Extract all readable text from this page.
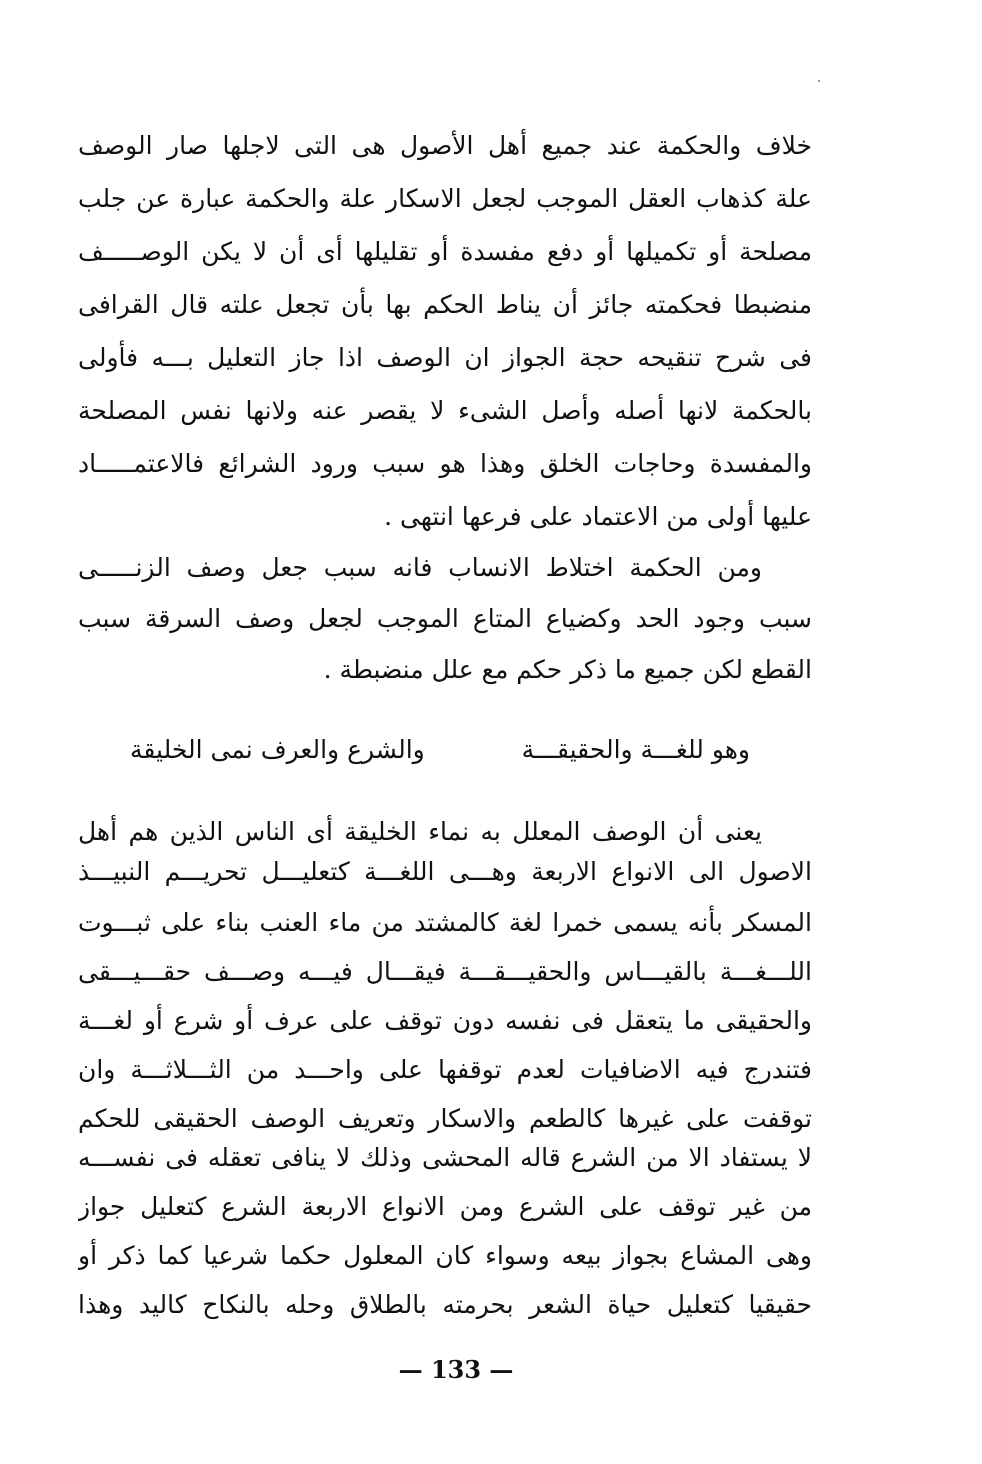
خلاف والحكمة عند جميع أهل الأصول هى التى لاجلها صار الوصف
علة كذهاب العقل الموجب لجعل الاسكار علة والحكمة عبارة عن جلب
مصلحة أو تكميلها أو دفع مفسدة أو تقليلها أى أن لا يكن الوصـــــف
منضبطا فحكمته جائز أن يناط الحكم بها بأن تجعل علته قال القرافى
فى شرح تنقيحه حجة الجواز ان الوصف اذا جاز التعليل بـــه فأولى
بالحكمة لانها أصله وأصل الشىء لا يقصر عنه ولانها نفس المصلحة
والمفسدة وحاجات الخلق وهذا هو سبب ورود الشرائع فالاعتمـــــاد
عليها أولى من الاعتماد على فرعها انتهى .
ومن الحكمة اختلاط الانساب فانه سبب جعل وصف الزنـــــى
سبب وجود الحد وكضياع المتاع الموجب لجعل وصف السرقة سبب
القطع لكن جميع ما ذكر حكم مع علل منضبطة .
وهو للغـــة والحقيقـــة
والشرع والعرف نمى الخليقة
يعنى أن الوصف المعلل به نماء الخليقة أى الناس الذين هم أهل
الاصول الى الانواع الاربعة وهـــى اللغـــة كتعليـــل تحريـــم النبيـــذ
المسكر بأنه يسمى خمرا لغة كالمشتد من ماء العنب بناء على ثبـــوت
اللـــغـــة بالقيـــاس والحقيـــقـــة فيقـــال فيـــه وصـــف حقـــيـــقى
والحقيقى ما يتعقل فى نفسه دون توقف على عرف أو شرع أو لغـــة
فتندرج فيه الاضافيات لعدم توقفها على واحـــد من الثـــلاثـــة وان
توقفت على غيرها كالطعم والاسكار وتعريف الوصف الحقيقى للحكم
لا يستفاد الا من الشرع قاله المحشى وذلك لا ينافى تعقله فى نفســـه
من غير توقف على الشرع ومن الانواع الاربعة الشرع كتعليل جواز
وهى المشاع بجواز بيعه وسواء كان المعلول حكما شرعيا كما ذكر أو
حقيقيا كتعليل حياة الشعر بحرمته بالطلاق وحله بالنكاح كاليد وهذا
— 133 —
